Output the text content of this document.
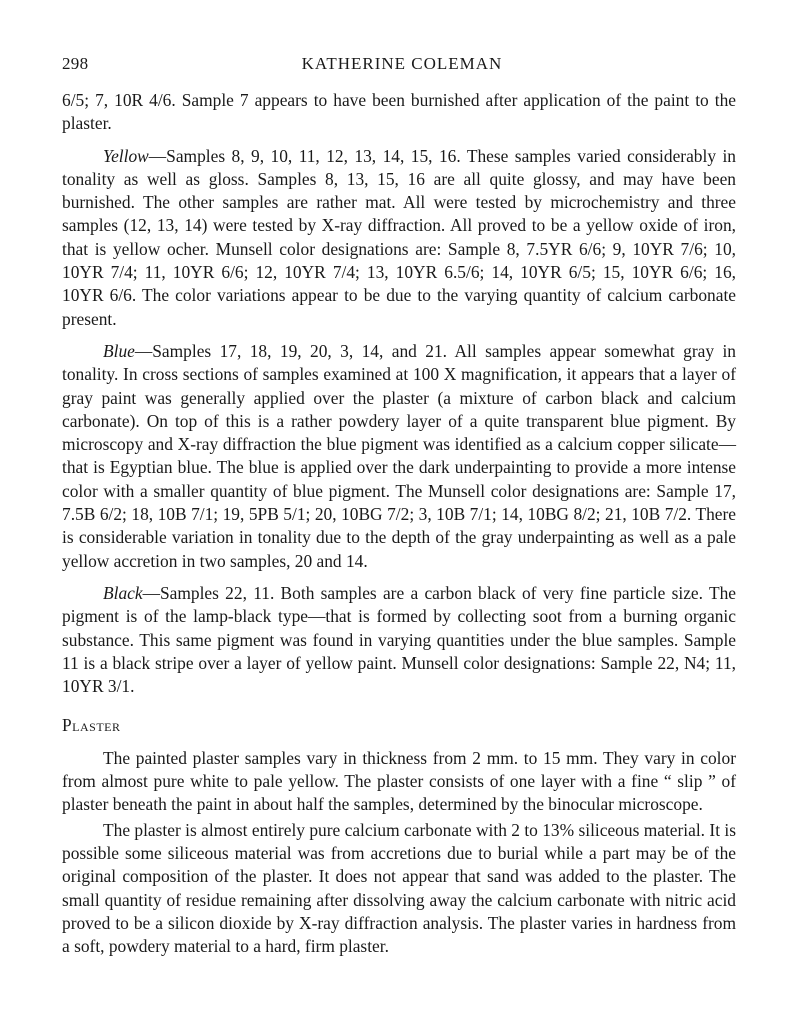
298	KATHERINE COLEMAN

6/5; 7, 10R 4/6. Sample 7 appears to have been burnished after application of the paint to the plaster.

Yellow—Samples 8, 9, 10, 11, 12, 13, 14, 15, 16. These samples varied considerably in tonality as well as gloss. Samples 8, 13, 15, 16 are all quite glossy, and may have been burnished. The other samples are rather mat. All were tested by microchemistry and three samples (12, 13, 14) were tested by X-ray diffraction. All proved to be a yellow oxide of iron, that is yellow ocher. Munsell color designations are: Sample 8, 7.5YR 6/6; 9, 10YR 7/6; 10, 10YR 7/4; 11, 10YR 6/6; 12, 10YR 7/4; 13, 10YR 6.5/6; 14, 10YR 6/5; 15, 10YR 6/6; 16, 10YR 6/6. The color variations appear to be due to the varying quantity of calcium carbonate present.

Blue—Samples 17, 18, 19, 20, 3, 14, and 21. All samples appear somewhat gray in tonality. In cross sections of samples examined at 100 X magnification, it appears that a layer of gray paint was generally applied over the plaster (a mixture of carbon black and calcium carbonate). On top of this is a rather powdery layer of a quite transparent blue pigment. By microscopy and X-ray diffraction the blue pigment was identified as a calcium copper silicate—that is Egyptian blue. The blue is applied over the dark underpainting to provide a more intense color with a smaller quantity of blue pigment. The Munsell color designations are: Sample 17, 7.5B 6/2; 18, 10B 7/1; 19, 5PB 5/1; 20, 10BG 7/2; 3, 10B 7/1; 14, 10BG 8/2; 21, 10B 7/2. There is considerable variation in tonality due to the depth of the gray underpainting as well as a pale yellow accretion in two samples, 20 and 14.

Black—Samples 22, 11. Both samples are a carbon black of very fine particle size. The pigment is of the lamp-black type—that is formed by collecting soot from a burning organic substance. This same pigment was found in varying quantities under the blue samples. Sample 11 is a black stripe over a layer of yellow paint. Munsell color designations: Sample 22, N4; 11, 10YR 3/1.

Plaster

The painted plaster samples vary in thickness from 2 mm. to 15 mm. They vary in color from almost pure white to pale yellow. The plaster consists of one layer with a fine “ slip ” of plaster beneath the paint in about half the samples, determined by the binocular microscope.

The plaster is almost entirely pure calcium carbonate with 2 to 13% siliceous material. It is possible some siliceous material was from accretions due to burial while a part may be of the original composition of the plaster. It does not appear that sand was added to the plaster. The small quantity of residue remaining after dissolving away the calcium carbonate with nitric acid proved to be a silicon dioxide by X-ray diffraction analysis. The plaster varies in hardness from a soft, powdery material to a hard, firm plaster.
